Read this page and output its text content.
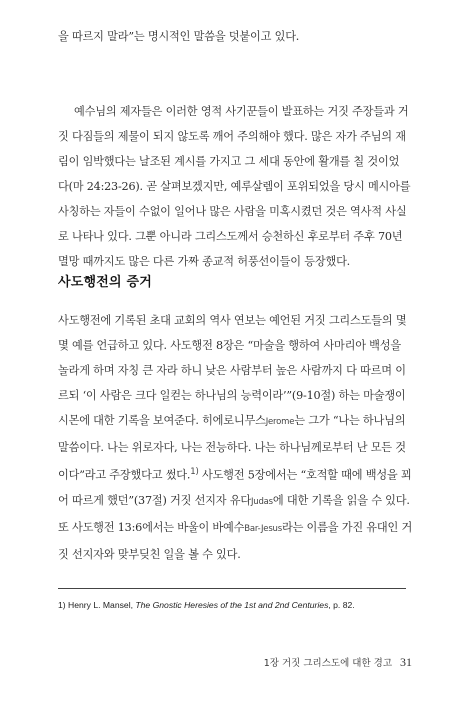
을 따르지 말라”는 명시적인 말씀을 덧붙이고 있다.

예수님의 제자들은 이러한 영적 사기꾼들이 발표하는 거짓 주장들과 거

짓 다짐들의 제물이 되지 않도록 깨어 주의해야 했다. 많은 자가 주님의 재

림이 임박했다는 날조된 계시를 가지고 그 세대 동안에 활개를 칠 것이었

다(마 24:23-26). 곧 살펴보겠지만, 예루살렘이 포위되었을 당시 메시아를

사칭하는 자들이 수없이 일어나 많은 사람을 미혹시켰던 것은 역사적 사실

로 나타나 있다. 그뿐 아니라 그리스도께서 승천하신 후로부터 주후 70년

멸망 때까지도 많은 다른 가짜 종교적 허풍선이들이 등장했다.

사도행전의 증거

사도행전에 기록된 초대 교회의 역사 연보는 예언된 거짓 그리스도들의 몇

몇 예를 언급하고 있다. 사도행전 8장은 “마술을 행하여 사마리아 백성을

놀라게 하며 자칭 큰 자라 하니 낮은 사람부터 높은 사람까지 다 따르며 이

르되 ‘이 사람은 크다 일컫는 하나님의 능력이라’”(9-10절) 하는 마술쟁이

시몬에 대한 기록을 보여준다. 히에로니무스Jerome는 그가 “나는 하나님의

말씀이다. 나는 위로자다, 나는 전능하다. 나는 하나님께로부터 난 모든 것

이다”라고 주장했다고 썼다.$^{1)}$ 사도행전 5장에서는 “호적할 때에 백성을 꾀

어 따르게 했던”(37절) 거짓 선지자 유다Judas에 대한 기록을 읽을 수 있다.

또 사도행전 13:6에서는 바울이 바예수Bar-Jesus라는 이름을 가진 유대인 거

짓 선지자와 맞부딪친 일을 볼 수 있다.

1) Henry L. Mansel, The Gnostic Heresies of the 1st and 2nd Centuries, p. 82.
1장 거짓 그리스도에 대한 경고 31
